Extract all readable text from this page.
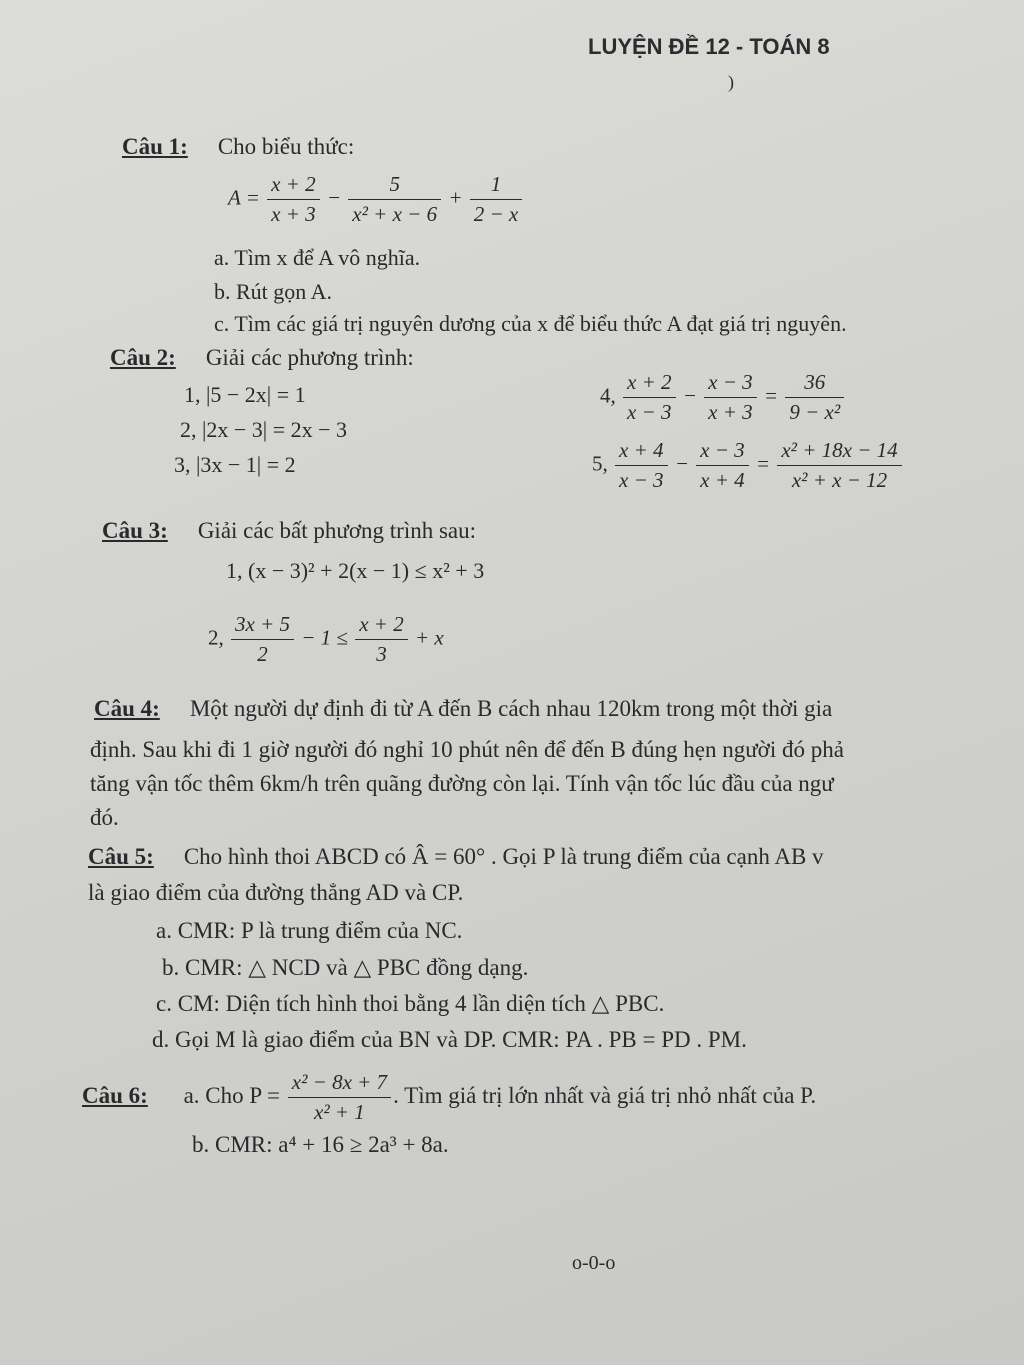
LUYỆN ĐỀ 12 - TOÁN 8
)
Câu 1: Cho biểu thức:
$A = \frac{x + 2}{x + 3} - \frac{5}{\text{x² + x − 6}} + \frac{1}{2 - x}$
a. Tìm x để A vô nghĩa.
b. Rút gọn A.
c. Tìm các giá trị nguyên dương của x để biểu thức A đạt giá trị nguyên.
Câu 2: Giải các phương trình:
1, |5 − 2x| = 1
2, |2x − 3| = 2x − 3
3, |3x − 1| = 2
4, $\frac{x + 2}{x - 3} - \frac{x - 3}{x + 3} = \frac{36}{\text{9 − x²}}$
5, $\frac{x + 4}{x - 3} - \frac{x - 3}{x + 4} = \frac{\text{x² + 18x − 14}}{\text{x² + x − 12}}$
Câu 3: Giải các bất phương trình sau:
1, (x − 3)² + 2(x − 1) ≤ x² + 3
2, $\frac{3x + 5}{2} - 1 \le \frac{x + 2}{3} + x$
Câu 4: Một người dự định đi từ A đến B cách nhau 120km trong một thời gia
định. Sau khi đi 1 giờ người đó nghỉ 10 phút nên để đến B đúng hẹn người đó phả
tăng vận tốc thêm 6km/h trên quãng đường còn lại. Tính vận tốc lúc đầu của ngư
đó.
Câu 5: Cho hình thoi ABCD có Â = 60° . Gọi P là trung điểm của cạnh AB v
là giao điểm của đường thẳng AD và CP.
a. CMR: P là trung điểm của NC.
b. CMR: △ NCD và △ PBC đồng dạng.
c. CM: Diện tích hình thoi bằng 4 lần diện tích △ PBC.
d. Gọi M là giao điểm của BN và DP. CMR: PA . PB = PD . PM.
Câu 6: a. Cho $P = \frac{\text{x² − 8x + 7}}{\text{x² + 1}}$ . Tìm giá trị lớn nhất và giá trị nhỏ nhất của P.
b. CMR: a⁴ + 16 ≥ 2a³ + 8a.
o-0-o
